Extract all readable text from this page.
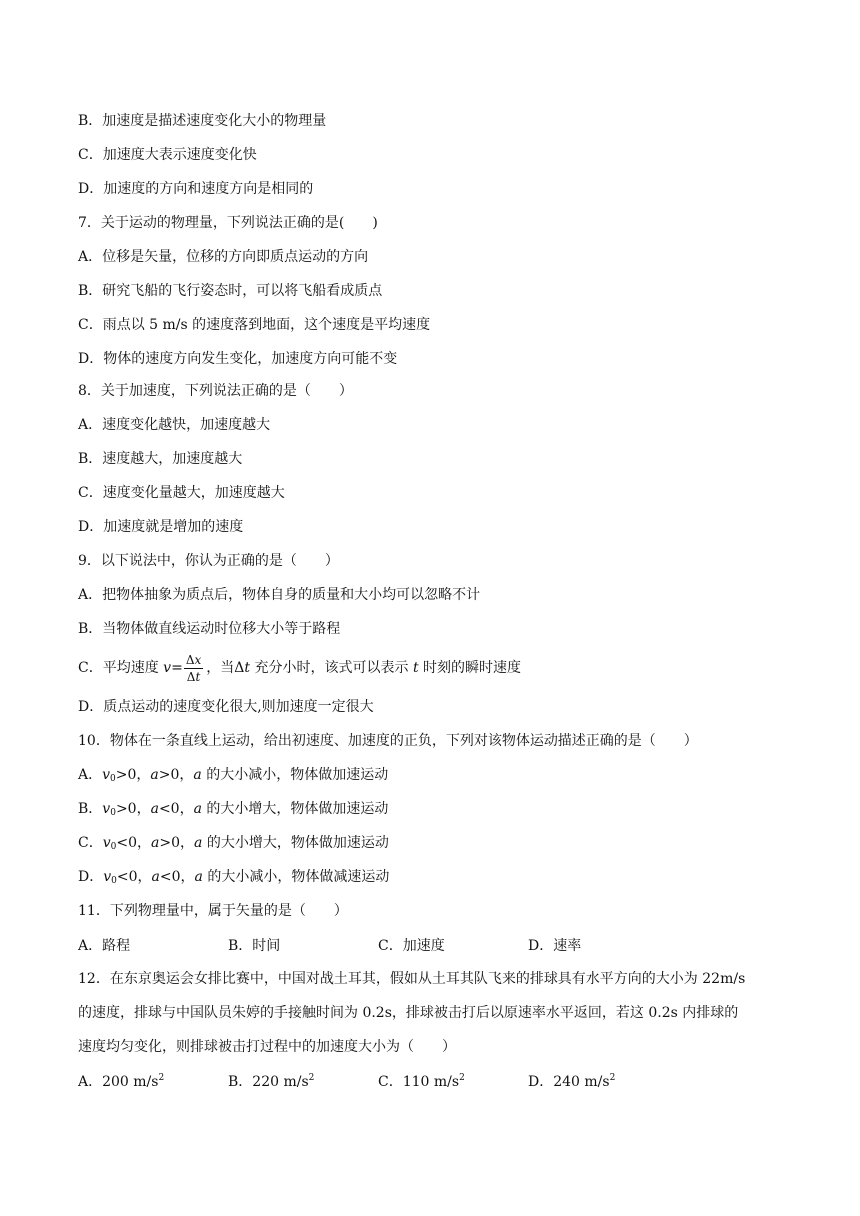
B．加速度是描述速度变化大小的物理量
C．加速度大表示速度变化快
D．加速度的方向和速度方向是相同的
7．关于运动的物理量，下列说法正确的是(　　)
A．位移是矢量，位移的方向即质点运动的方向
B．研究飞船的飞行姿态时，可以将飞船看成质点
C．雨点以 5 m/s 的速度落到地面，这个速度是平均速度
D．物体的速度方向发生变化，加速度方向可能不变
8．关于加速度，下列说法正确的是（　　）
A．速度变化越快，加速度越大
B．速度越大，加速度越大
C．速度变化量越大，加速度越大
D．加速度就是增加的速度
9．以下说法中，你认为正确的是（　　）
A．把物体抽象为质点后，物体自身的质量和大小均可以忽略不计
B．当物体做直线运动时位移大小等于路程
C．平均速度 $v= \frac{\Delta x}{\Delta t}$ ，当Δt 充分小时，该式可以表示 t 时刻的瞬时速度
D．质点运动的速度变化很大,则加速度一定很大
10．物体在一条直线上运动，给出初速度、加速度的正负，下列对该物体运动描述正确的是（　　）
A．$v_0>0$，a>0，a 的大小减小，物体做加速运动
B．$v_0>0$，a<0，a 的大小增大，物体做加速运动
C．$v_0<0$，a>0，a 的大小增大，物体做加速运动
D．$v_0<0$，a<0，a 的大小减小，物体做减速运动
11．下列物理量中，属于矢量的是（　　）
A．路程	B．时间	C．加速度	D．速率
12．在东京奥运会女排比赛中，中国对战土耳其，假如从土耳其队飞来的排球具有水平方向的大小为 22m/s
的速度，排球与中国队员朱婷的手接触时间为 0.2s，排球被击打后以原速率水平返回，若这 0.2s 内排球的
速度均匀变化，则排球被击打过程中的加速度大小为（　　）
A．200 $m/s^2$	B．220 $m/s^2$	C．110 $m/s^2$	D．240 $m/s^2$
